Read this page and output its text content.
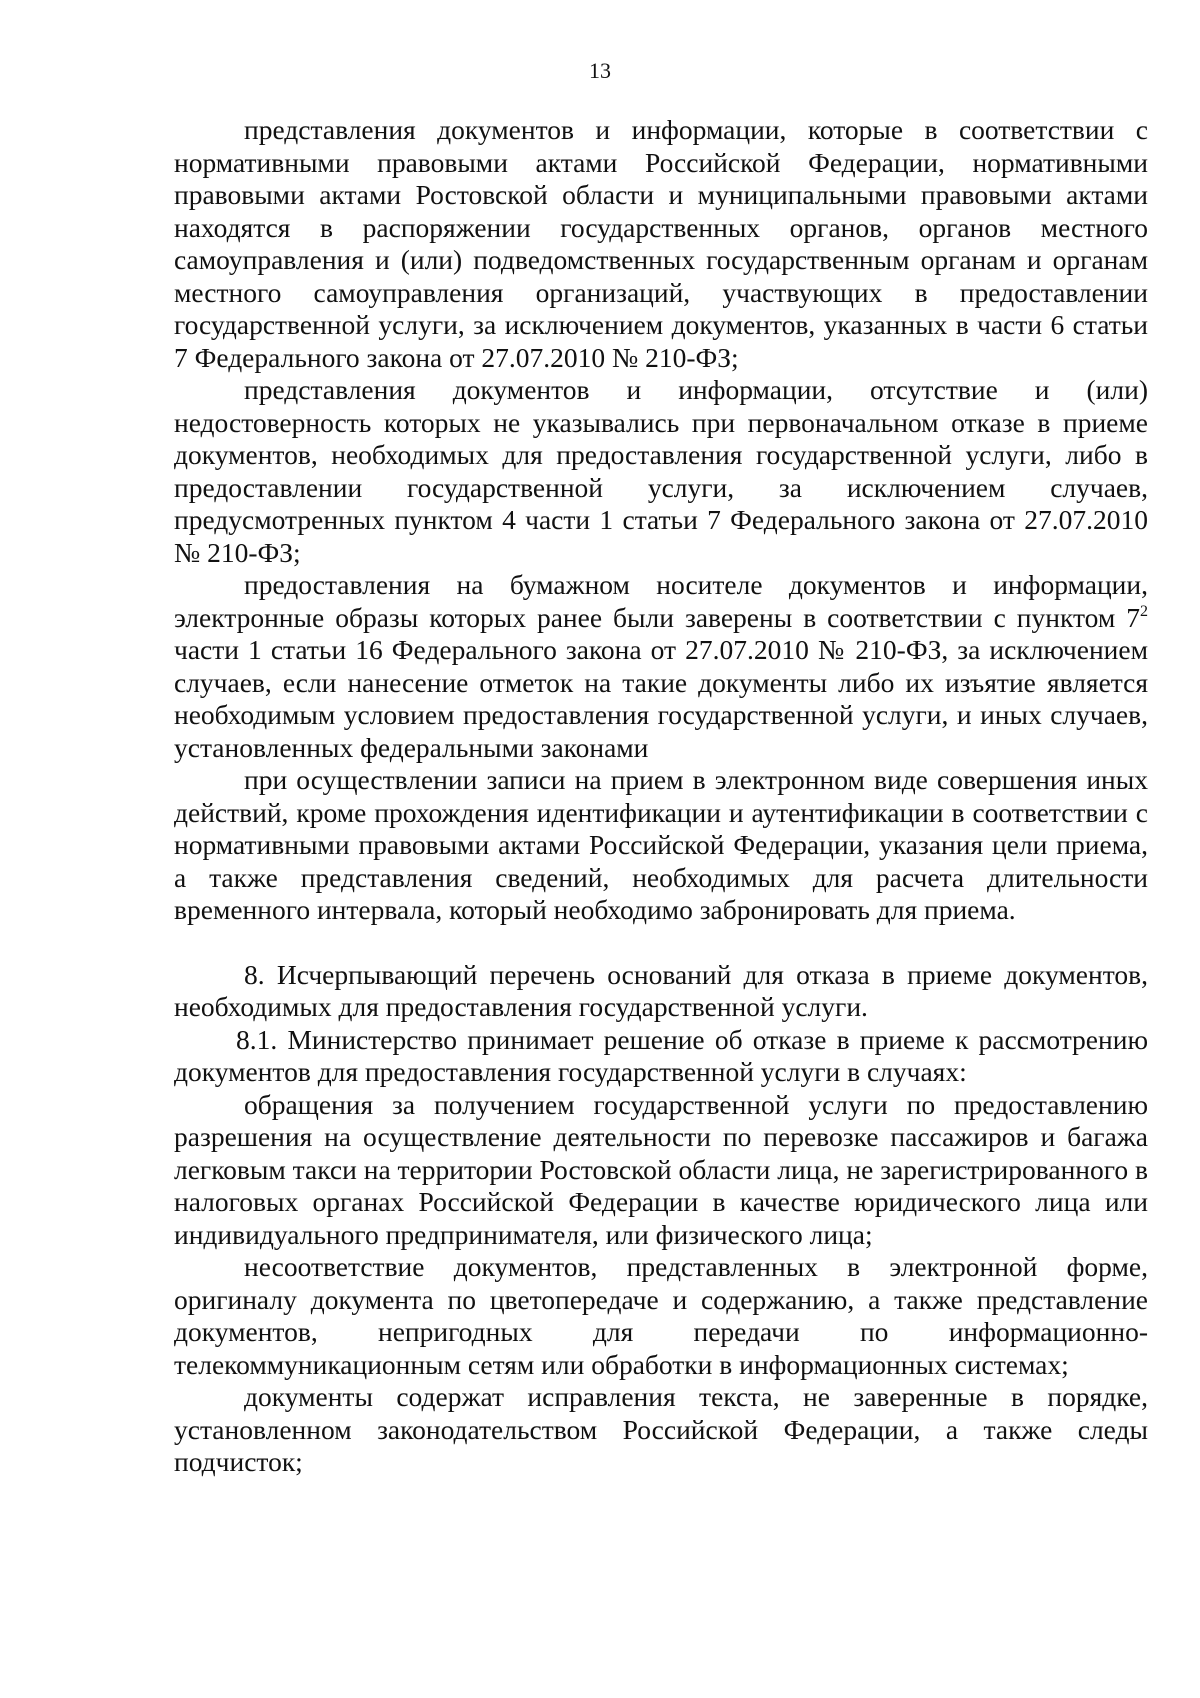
13

представления документов и информации, которые в соответствии с нормативными правовыми актами Российской Федерации, нормативными правовыми актами Ростовской области и муниципальными правовыми актами находятся в распоряжении государственных органов, органов местного самоуправления и (или) подведомственных государственным органам и органам местного самоуправления организаций, участвующих в предоставлении государственной услуги, за исключением документов, указанных в части 6 статьи 7 Федерального закона от 27.07.2010 № 210-ФЗ;

представления документов и информации, отсутствие и (или) недостоверность которых не указывались при первоначальном отказе в приеме документов, необходимых для предоставления государственной услуги, либо в предоставлении государственной услуги, за исключением случаев, предусмотренных пунктом 4 части 1 статьи 7 Федерального закона от 27.07.2010 № 210-ФЗ;

предоставления на бумажном носителе документов и информации, электронные образы которых ранее были заверены в соответствии с пунктом $7^2$ части 1 статьи 16 Федерального закона от 27.07.2010 № 210-ФЗ, за исключением случаев, если нанесение отметок на такие документы либо их изъятие является необходимым условием предоставления государственной услуги, и иных случаев, установленных федеральными законами

при осуществлении записи на прием в электронном виде совершения иных действий, кроме прохождения идентификации и аутентификации в соответствии с нормативными правовыми актами Российской Федерации, указания цели приема, а также представления сведений, необходимых для расчета длительности временного интервала, который необходимо забронировать для приема.

8. Исчерпывающий перечень оснований для отказа в приеме документов, необходимых для предоставления государственной услуги.

8.1. Министерство принимает решение об отказе в приеме к рассмотрению документов для предоставления государственной услуги в случаях:

обращения за получением государственной услуги по предоставлению разрешения на осуществление деятельности по перевозке пассажиров и багажа легковым такси на территории Ростовской области лица, не зарегистрированного в налоговых органах Российской Федерации в качестве юридического лица или индивидуального предпринимателя, или физического лица;

несоответствие документов, представленных в электронной форме, оригиналу документа по цветопередаче и содержанию, а также представление документов, непригодных для передачи по информационно-телекоммуникационным сетям или обработки в информационных системах;

документы содержат исправления текста, не заверенные в порядке, установленном законодательством Российской Федерации, а также следы подчисток;
